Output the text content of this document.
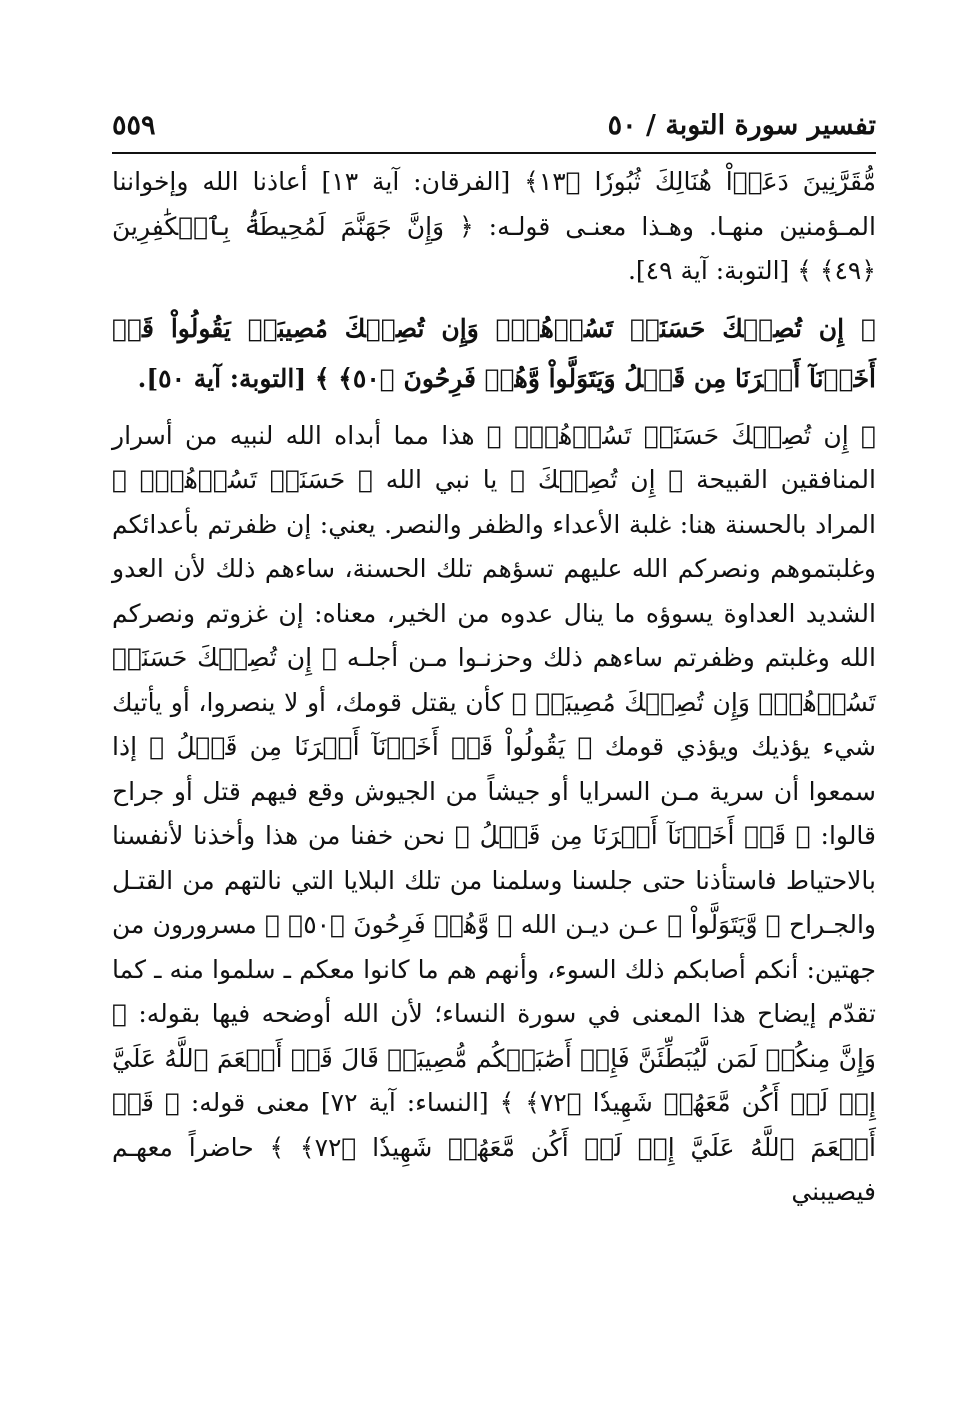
تفسير سورة التوبة / ٥٠
٥٥٩

مُّقَرَّنِينَ دَعَوۡاْ هُنَالِكَ ثُبُورٗا ﴿١٣﴾ [الفرقان: آية ١٣] أعاذنا الله وإخواننا المـؤمنين منهـا. وهـذا معنـى قولـه: ﴿ وَإِنَّ جَهَنَّمَ لَمُحِيطَةُۢ بِٱلۡكَٰفِرِينَ ﴿٤٩﴾ ﴾ [التوبة: آية ٤٩].

﴿ إِن تُصِبۡكَ حَسَنَةٞ تَسُؤۡهُمۡۖ وَإِن تُصِبۡكَ مُصِيبَةٞ يَقُولُواْ قَدۡ أَخَذۡنَآ أَمۡرَنَا مِن قَبۡلُ وَيَتَوَلَّواْ وَّهُمۡ فَرِحُونَ ﴿٥٠﴾ ﴾ [التوبة: آية ٥٠].

﴿ إِن تُصِبۡكَ حَسَنَةٞ تَسُؤۡهُمۡۖ ﴾ هذا مما أبداه الله لنبيه من أسرار المنافقين القبيحة ﴿ إِن تُصِبۡكَ ﴾ يا نبي الله ﴿ حَسَنَةٞ تَسُؤۡهُمۡۖ ﴾ المراد بالحسنة هنا: غلبة الأعداء والظفر والنصر. يعني: إن ظفرتم بأعدائكم وغلبتموهم ونصركم الله عليهم تسؤهم تلك الحسنة، ساءهم ذلك لأن العدو الشديد العداوة يسوؤه ما ينال عدوه من الخير، معناه: إن غزوتم ونصركم الله وغلبتم وظفرتم ساءهم ذلك وحزنـوا مـن أجلـه ﴿ إِن تُصِبۡكَ حَسَنَةٞ تَسُؤۡهُمۡۖ وَإِن تُصِبۡكَ مُصِيبَةٞ ﴾ كأن يقتل قومك، أو لا ينصروا، أو يأتيك شيء يؤذيك ويؤذي قومك ﴿ يَقُولُواْ قَدۡ أَخَذۡنَآ أَمۡرَنَا مِن قَبۡلُ ﴾ إذا سمعوا أن سرية مـن السرايا أو جيشاً من الجيوش وقع فيهم قتل أو جراح قالوا: ﴿ قَدۡ أَخَذۡنَآ أَمۡرَنَا مِن قَبۡلُ ﴾ نحن خفنا من هذا وأخذنا لأنفسنا بالاحتياط فاستأذنا حتى جلسنا وسلمنا من تلك البلايا التي نالتهم من القتـل والجـراح ﴿ وَّيَتَوَلَّواْ ﴾ عـن ديـن الله ﴿ وَّهُمۡ فَرِحُونَ ﴿٥٠﴾ ﴾ مسرورون من جهتين: أنكم أصابكم ذلك السوء، وأنهم هم ما كانوا معكم ـ سلموا منه ـ كما تقدّم إيضاح هذا المعنى في سورة النساء؛ لأن الله أوضحه فيها بقوله: ﴿ وَإِنَّ مِنكُمۡ لَمَن لَّيُبَطِّئَنَّ فَإِنۡ أَصَٰبَتۡكُم مُّصِيبَةٞ قَالَ قَدۡ أَنۡعَمَ ٱللَّهُ عَلَيَّ إِذۡ لَمۡ أَكُن مَّعَهُمۡ شَهِيدٗا ﴿٧٢﴾ ﴾ [النساء: آية ٧٢] معنى قوله: ﴿ قَدۡ أَنۡعَمَ ٱللَّهُ عَلَيَّ إِذۡ لَمۡ أَكُن مَّعَهُمۡ شَهِيدٗا ﴿٧٢﴾ ﴾ حاضراً معهـم فيصيبني
